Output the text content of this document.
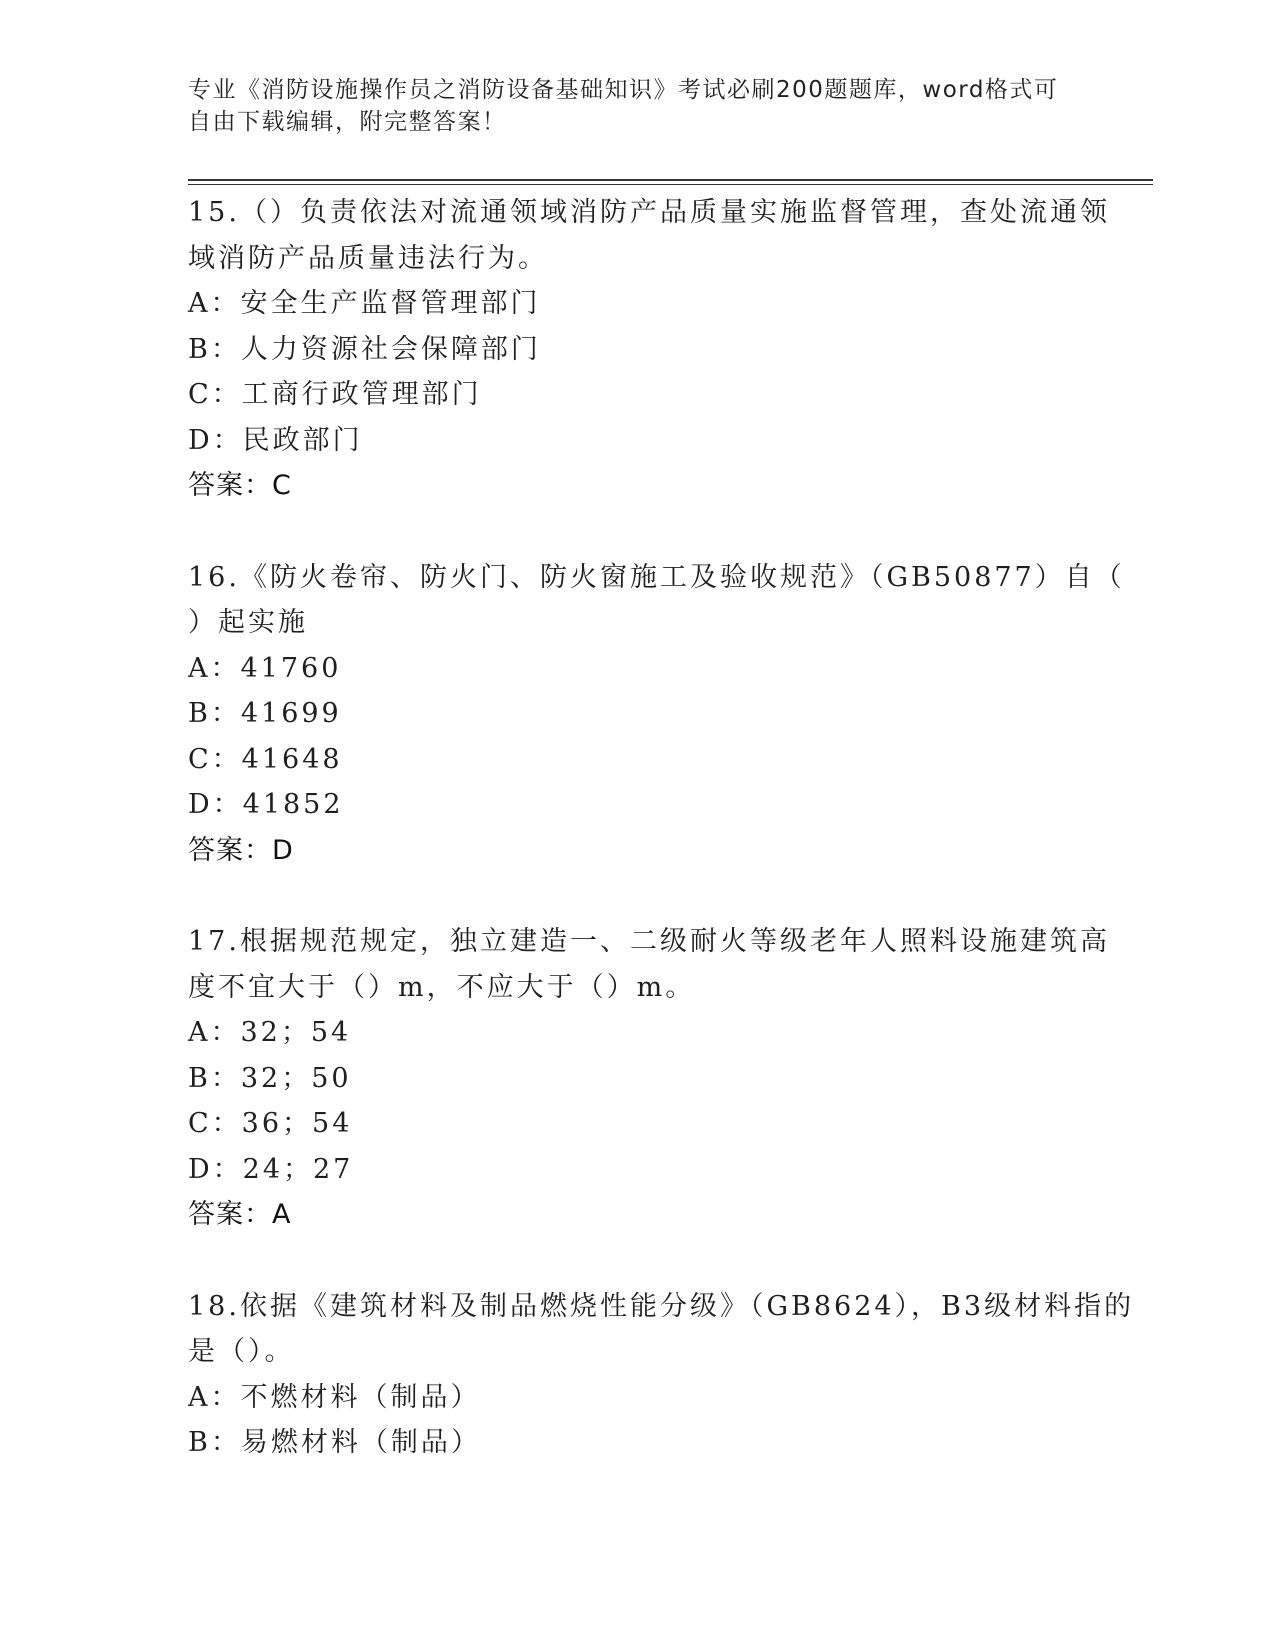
专业《消防设施操作员之消防设备基础知识》考试必刷200题题库，word格式可
自由下载编辑，附完整答案！
15.（）负责依法对流通领域消防产品质量实施监督管理，查处流通领
域消防产品质量违法行为。
A：安全生产监督管理部门
B：人力资源社会保障部门
C：工商行政管理部门
D：民政部门
答案：C
16.《防火卷帘、防火门、防火窗施工及验收规范》（GB50877）自（
）起实施
A：41760
B：41699
C：41648
D：41852
答案：D
17.根据规范规定，独立建造一、二级耐火等级老年人照料设施建筑高
度不宜大于（）m，不应大于（）m。
A：32；54
B：32；50
C：36；54
D：24；27
答案：A
18.依据《建筑材料及制品燃烧性能分级》（GB8624），B3级材料指的
是（）。
A：不燃材料（制品）
B：易燃材料（制品）
